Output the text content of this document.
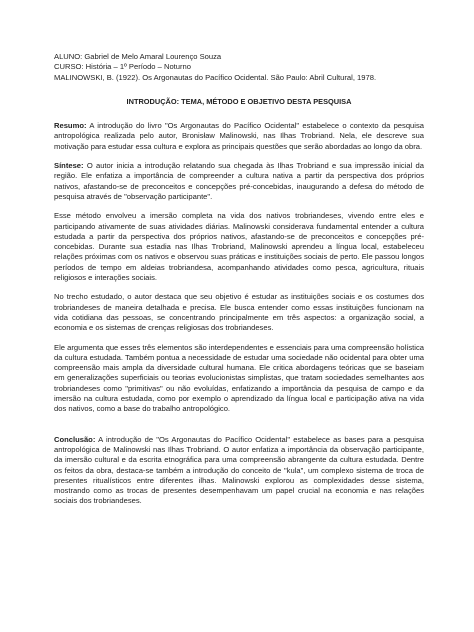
ALUNO: Gabriel de Melo Amaral Lourenço Souza

CURSO: História – 1º Período – Noturno

MALINOWSKI, B. (1922). Os Argonautas do Pacífico Ocidental. São Paulo: Abril Cultural, 1978.

INTRODUÇÃO: TEMA, MÉTODO E OBJETIVO DESTA PESQUISA

Resumo: A introdução do livro "Os Argonautas do Pacífico Ocidental" estabelece o contexto da pesquisa antropológica realizada pelo autor, Bronisław Malinowski, nas Ilhas Trobriand. Nela, ele descreve sua motivação para estudar essa cultura e explora as principais questões que serão abordadas ao longo da obra.

Síntese: O autor inicia a introdução relatando sua chegada às Ilhas Trobriand e sua impressão inicial da região. Ele enfatiza a importância de compreender a cultura nativa a partir da perspectiva dos próprios nativos, afastando-se de preconceitos e concepções pré-concebidas, inaugurando a defesa do método de pesquisa através de "observação participante".

Esse método envolveu a imersão completa na vida dos nativos trobriandeses, vivendo entre eles e participando ativamente de suas atividades diárias. Malinowski considerava fundamental entender a cultura estudada a partir da perspectiva dos próprios nativos, afastando-se de preconceitos e concepções pré-concebidas. Durante sua estadia nas Ilhas Trobriand, Malinowski aprendeu a língua local, estabeleceu relações próximas com os nativos e observou suas práticas e instituições sociais de perto. Ele passou longos períodos de tempo em aldeias trobriandesa, acompanhando atividades como pesca, agricultura, rituais religiosos e interações sociais.

No trecho estudado, o autor destaca que seu objetivo é estudar as instituições sociais e os costumes dos trobriandeses de maneira detalhada e precisa. Ele busca entender como essas instituições funcionam na vida cotidiana das pessoas, se concentrando principalmente em três aspectos: a organização social, a economia e os sistemas de crenças religiosas dos trobriandeses.

Ele argumenta que esses três elementos são interdependentes e essenciais para uma compreensão holística da cultura estudada. Também pontua a necessidade de estudar uma sociedade não ocidental para obter uma compreensão mais ampla da diversidade cultural humana. Ele critica abordagens teóricas que se baseiam em generalizações superficiais ou teorias evolucionistas simplistas, que tratam sociedades semelhantes aos trobriandeses como "primitivas" ou não evoluídas, enfatizando a importância da pesquisa de campo e da imersão na cultura estudada, como por exemplo o aprendizado da língua local e participação ativa na vida dos nativos, como a base do trabalho antropológico.

Conclusão: A introdução de "Os Argonautas do Pacífico Ocidental" estabelece as bases para a pesquisa antropológica de Malinowski nas Ilhas Trobriand. O autor enfatiza a importância da observação participante, da imersão cultural e da escrita etnográfica para uma compreensão abrangente da cultura estudada. Dentre os feitos da obra, destaca-se também a introdução do conceito de "kula", um complexo sistema de troca de presentes ritualísticos entre diferentes ilhas. Malinowski explorou as complexidades desse sistema, mostrando como as trocas de presentes desempenhavam um papel crucial na economia e nas relações sociais dos trobriandeses.
